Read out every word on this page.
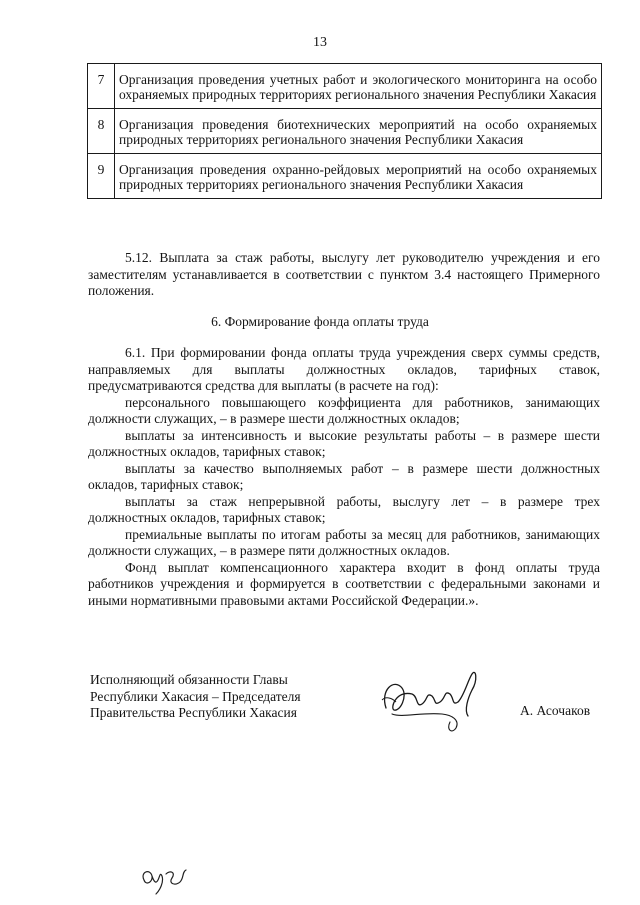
13
7	Организация проведения учетных работ и экологического мониторинга на особо охраняемых природных территориях регионального значения Республики Хакасия
8	Организация проведения биотехнических мероприятий на особо охраняемых природных территориях регионального значения Республики Хакасия
9	Организация проведения охранно-рейдовых мероприятий на особо охраняемых природных территориях регионального значения Республики Хакасия

5.12. Выплата за стаж работы, выслугу лет руководителю учреждения и его заместителям устанавливается в соответствии с пунктом 3.4 настоящего Примерного положения.

6. Формирование фонда оплаты труда

6.1. При формировании фонда оплаты труда учреждения сверх суммы средств, направляемых для выплаты должностных окладов, тарифных ставок, предусматриваются средства для выплаты (в расчете на год):

персонального повышающего коэффициента для работников, занимающих должности служащих, – в размере шести должностных окладов;

выплаты за интенсивность и высокие результаты работы – в размере шести должностных окладов, тарифных ставок;

выплаты за качество выполняемых работ – в размере шести должностных окладов, тарифных ставок;

выплаты за стаж непрерывной работы, выслугу лет – в размере трех должностных окладов, тарифных ставок;

премиальные выплаты по итогам работы за месяц для работников, занимающих должности служащих, – в размере пяти должностных окладов.

Фонд выплат компенсационного характера входит в фонд оплаты труда работников учреждения и формируется в соответствии с федеральными законами и иными нормативными правовыми актами Российской Федерации.».

Исполняющий обязанности Главы
Республики Хакасия – Председателя
Правительства Республики Хакасия	А. Асочаков
